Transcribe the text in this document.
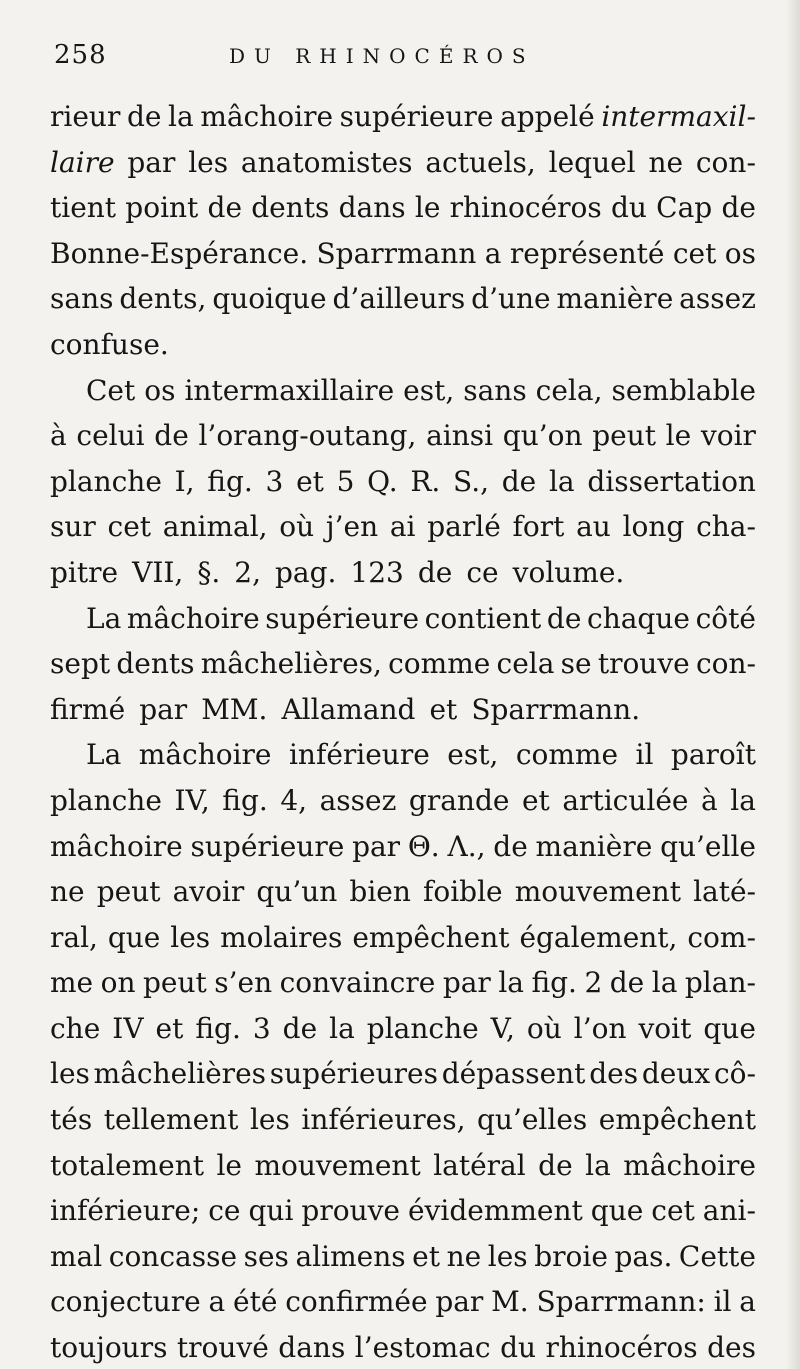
258	DU RHINOCÉROS
rieur de la mâchoire supérieure appelé intermaxil-
laire par les anatomistes actuels, lequel ne con-
tient point de dents dans le rhinocéros du Cap de
Bonne-Espérance. Sparrmann a représenté cet os
sans dents, quoique d’ailleurs d’une manière assez
confuse.
Cet os intermaxillaire est, sans cela, semblable
à celui de l’orang-outang, ainsi qu’on peut le voir
planche I, fig. 3 et 5 Q. R. S., de la dissertation
sur cet animal, où j’en ai parlé fort au long cha-
pitre VII, §. 2, pag. 123 de ce volume.
La mâchoire supérieure contient de chaque côté
sept dents mâchelières, comme cela se trouve con-
firmé par MM. Allamand et Sparrmann.
La mâchoire inférieure est, comme il paroît
planche IV, fig. 4, assez grande et articulée à la
mâchoire supérieure par Θ. Λ., de manière qu’elle
ne peut avoir qu’un bien foible mouvement laté-
ral, que les molaires empêchent également, com-
me on peut s’en convaincre par la fig. 2 de la plan-
che IV et fig. 3 de la planche V, où l’on voit que
les mâchelières supérieures dépassent des deux cô-
tés tellement les inférieures, qu’elles empêchent
totalement le mouvement latéral de la mâchoire
inférieure; ce qui prouve évidemment que cet ani-
mal concasse ses alimens et ne les broie pas. Cette
conjecture a été confirmée par M. Sparrmann: il a
toujours trouvé dans l’estomac du rhinocéros des
